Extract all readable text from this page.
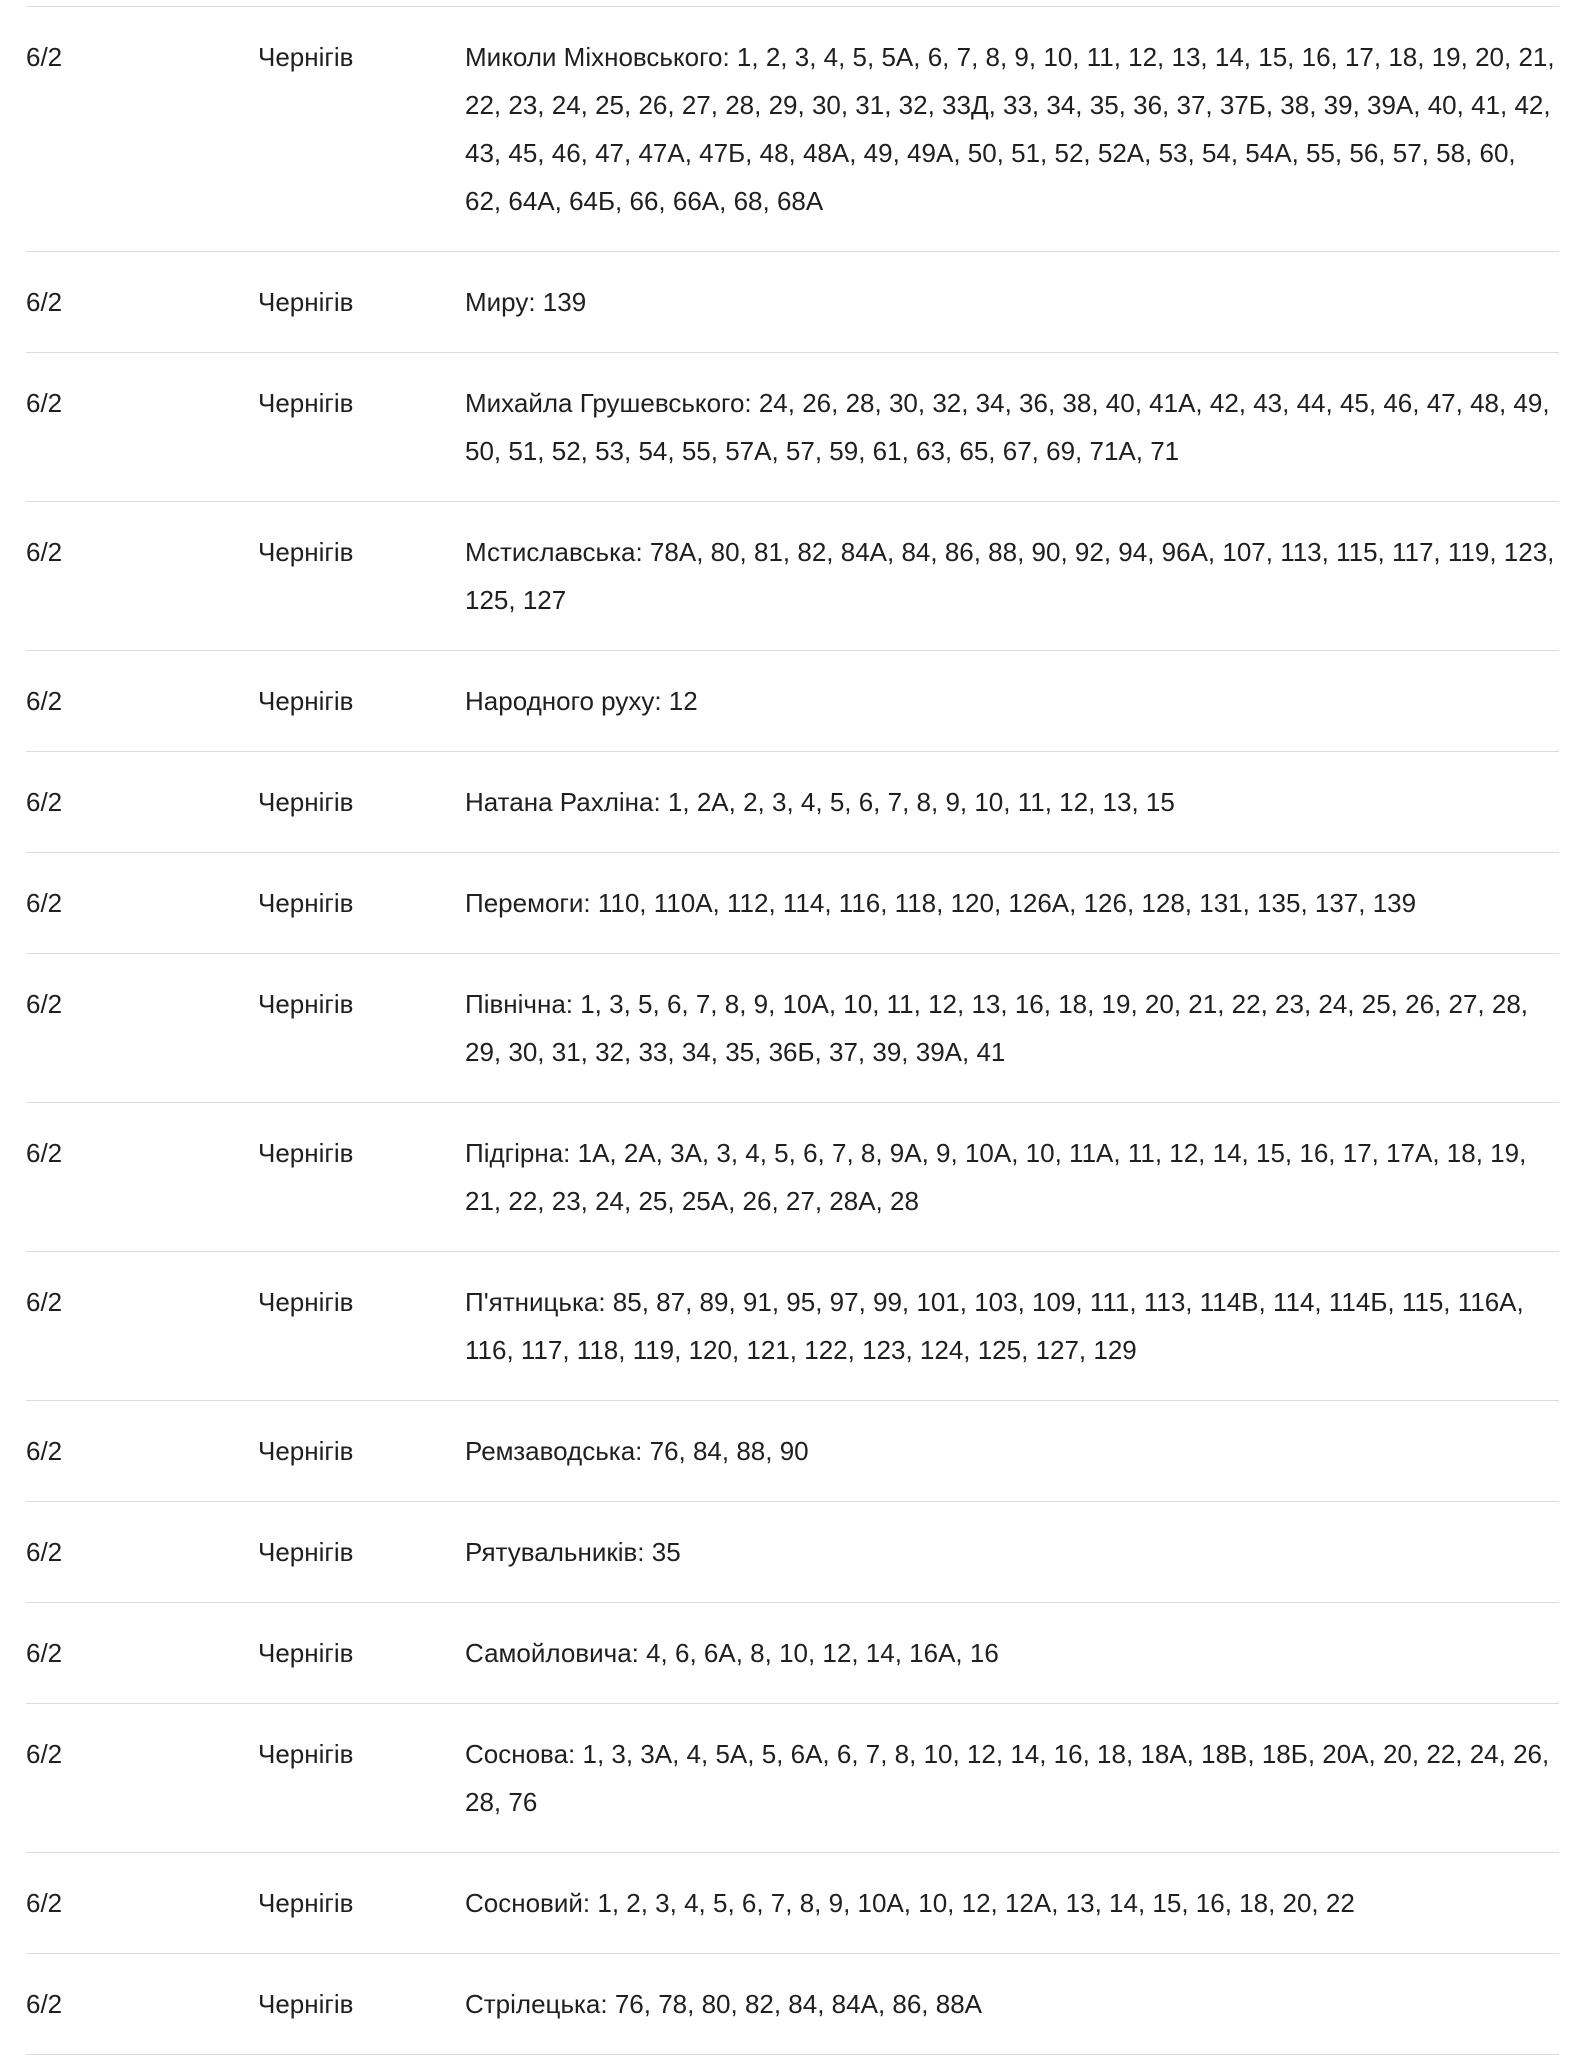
6/2	Чернігів	Миколи Міхновського: 1, 2, 3, 4, 5, 5А, 6, 7, 8, 9, 10, 11, 12, 13, 14, 15, 16, 17, 18, 19, 20, 21, 22, 23, 24, 25, 26, 27, 28, 29, 30, 31, 32, 33Д, 33, 34, 35, 36, 37, 37Б, 38, 39, 39А, 40, 41, 42, 43, 45, 46, 47, 47А, 47Б, 48, 48А, 49, 49А, 50, 51, 52, 52А, 53, 54, 54А, 55, 56, 57, 58, 60, 62, 64А, 64Б, 66, 66А, 68, 68А
6/2	Чернігів	Миру: 139
6/2	Чернігів	Михайла Грушевського: 24, 26, 28, 30, 32, 34, 36, 38, 40, 41А, 42, 43, 44, 45, 46, 47, 48, 49, 50, 51, 52, 53, 54, 55, 57А, 57, 59, 61, 63, 65, 67, 69, 71А, 71
6/2	Чернігів	Мстиславська: 78А, 80, 81, 82, 84А, 84, 86, 88, 90, 92, 94, 96А, 107, 113, 115, 117, 119, 123, 125, 127
6/2	Чернігів	Народного руху: 12
6/2	Чернігів	Натана Рахліна: 1, 2А, 2, 3, 4, 5, 6, 7, 8, 9, 10, 11, 12, 13, 15
6/2	Чернігів	Перемоги: 110, 110А, 112, 114, 116, 118, 120, 126А, 126, 128, 131, 135, 137, 139
6/2	Чернігів	Північна: 1, 3, 5, 6, 7, 8, 9, 10А, 10, 11, 12, 13, 16, 18, 19, 20, 21, 22, 23, 24, 25, 26, 27, 28, 29, 30, 31, 32, 33, 34, 35, 36Б, 37, 39, 39А, 41
6/2	Чернігів	Підгірна: 1А, 2А, 3А, 3, 4, 5, 6, 7, 8, 9А, 9, 10А, 10, 11А, 11, 12, 14, 15, 16, 17, 17А, 18, 19, 21, 22, 23, 24, 25, 25А, 26, 27, 28А, 28
6/2	Чернігів	П'ятницька: 85, 87, 89, 91, 95, 97, 99, 101, 103, 109, 111, 113, 114В, 114, 114Б, 115, 116А, 116, 117, 118, 119, 120, 121, 122, 123, 124, 125, 127, 129
6/2	Чернігів	Ремзаводська: 76, 84, 88, 90
6/2	Чернігів	Рятувальників: 35
6/2	Чернігів	Самойловича: 4, 6, 6А, 8, 10, 12, 14, 16А, 16
6/2	Чернігів	Соснова: 1, 3, 3А, 4, 5А, 5, 6А, 6, 7, 8, 10, 12, 14, 16, 18, 18А, 18В, 18Б, 20А, 20, 22, 24, 26, 28, 76
6/2	Чернігів	Сосновий: 1, 2, 3, 4, 5, 6, 7, 8, 9, 10А, 10, 12, 12А, 13, 14, 15, 16, 18, 20, 22
6/2	Чернігів	Стрілецька: 76, 78, 80, 82, 84, 84А, 86, 88А
